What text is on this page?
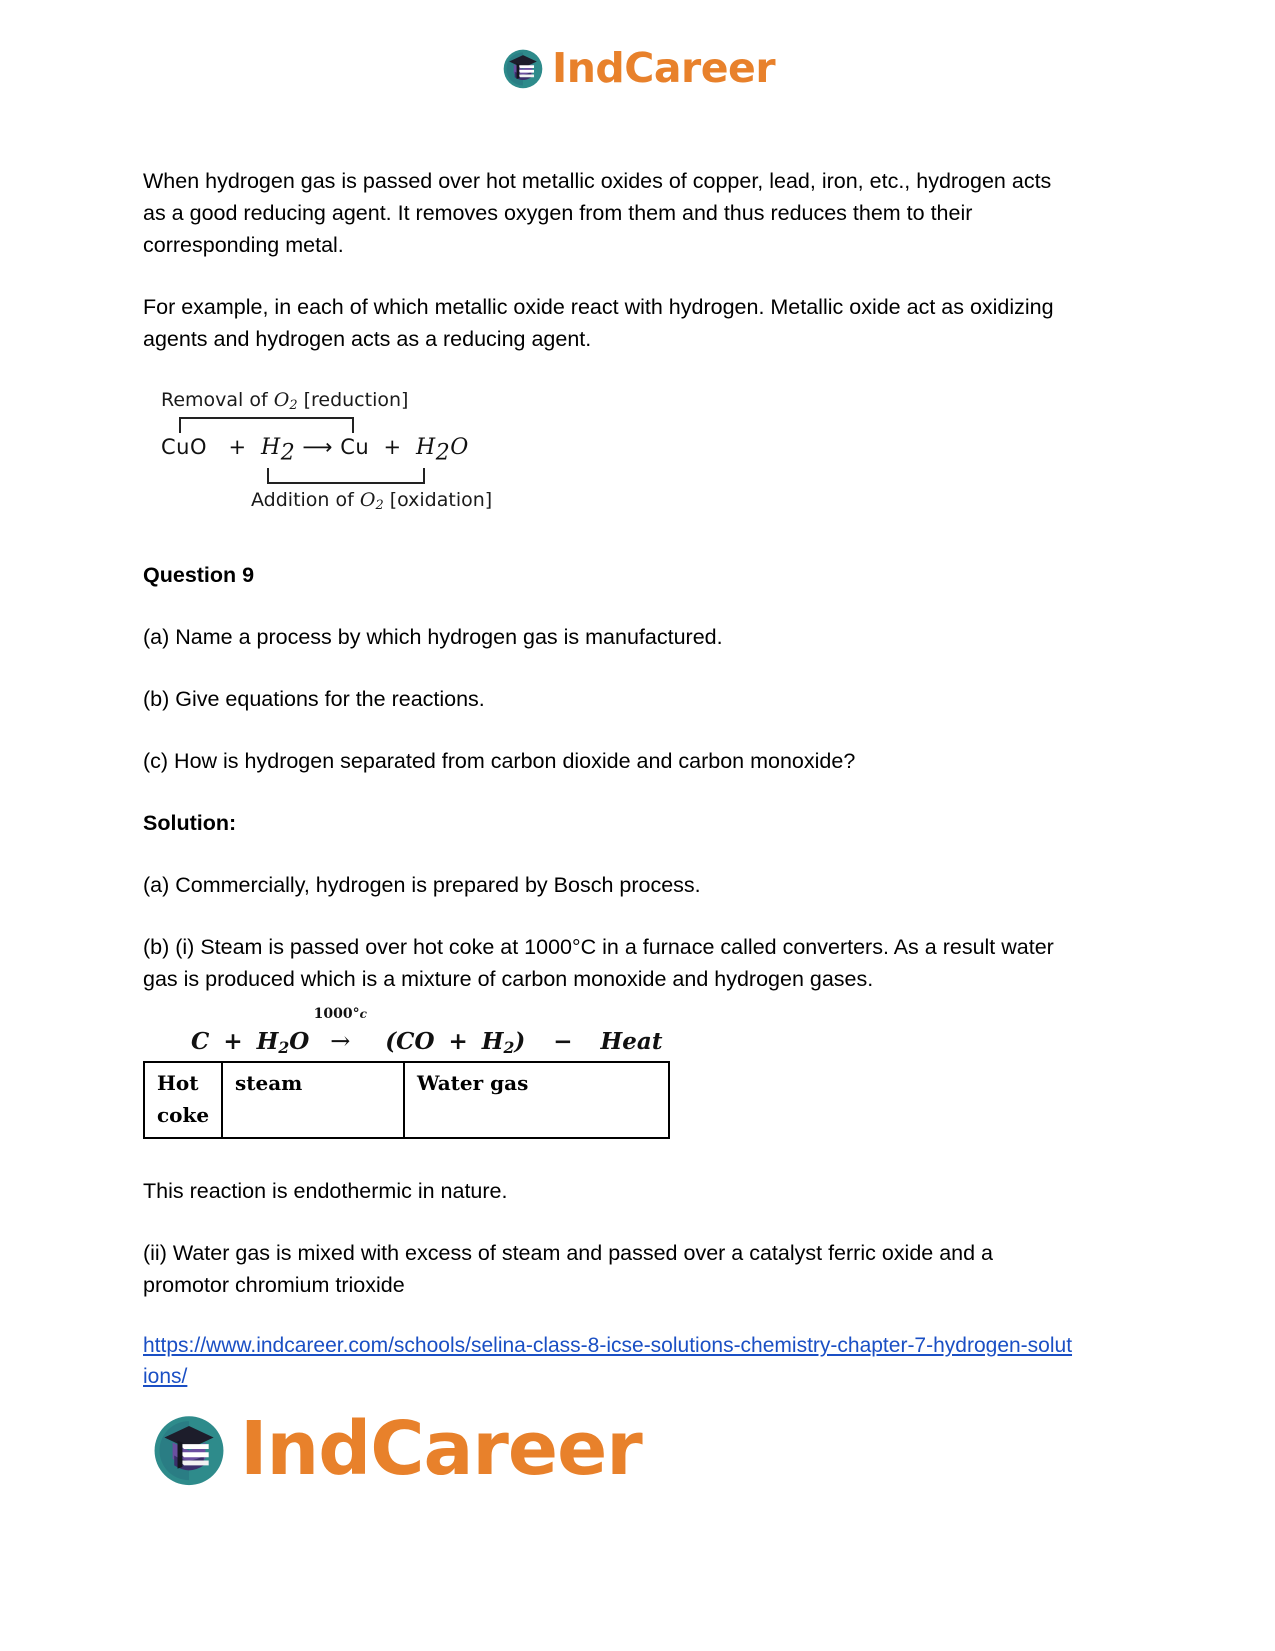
IndCareer

When hydrogen gas is passed over hot metallic oxides of copper, lead, iron, etc., hydrogen acts as a good reducing agent. It removes oxygen from them and thus reduces them to their corresponding metal.

For example, in each of which metallic oxide react with hydrogen. Metallic oxide act as oxidizing agents and hydrogen acts as a reducing agent.

Removal of $O_2$ [reduction]
CuO + $H_2$ ⟶ $Cu + H_2O$
Addition of $O_2$ [oxidation]
Question 9

(a) Name a process by which hydrogen gas is manufactured.

(b) Give equations for the reactions.

(c) How is hydrogen separated from carbon dioxide and carbon monoxide?

Solution:

(a) Commercially, hydrogen is prepared by Bosch process.

(b) (i) Steam is passed over hot coke at 1000°C in a furnace called converters. As a result water gas is produced which is a mixture of carbon monoxide and hydrogen gases.

$C + H_2O$
1000°c
→ $(CO + H_2)$ − Heat
Hot
coke	steam	Water gas

This reaction is endothermic in nature.

(ii) Water gas is mixed with excess of steam and passed over a catalyst ferric oxide and a promotor chromium trioxide

https://www.indcareer.com/schools/selina-class-8-icse-solutions-chemistry-chapter-7-hydrogen-solutions/
IndCareer
